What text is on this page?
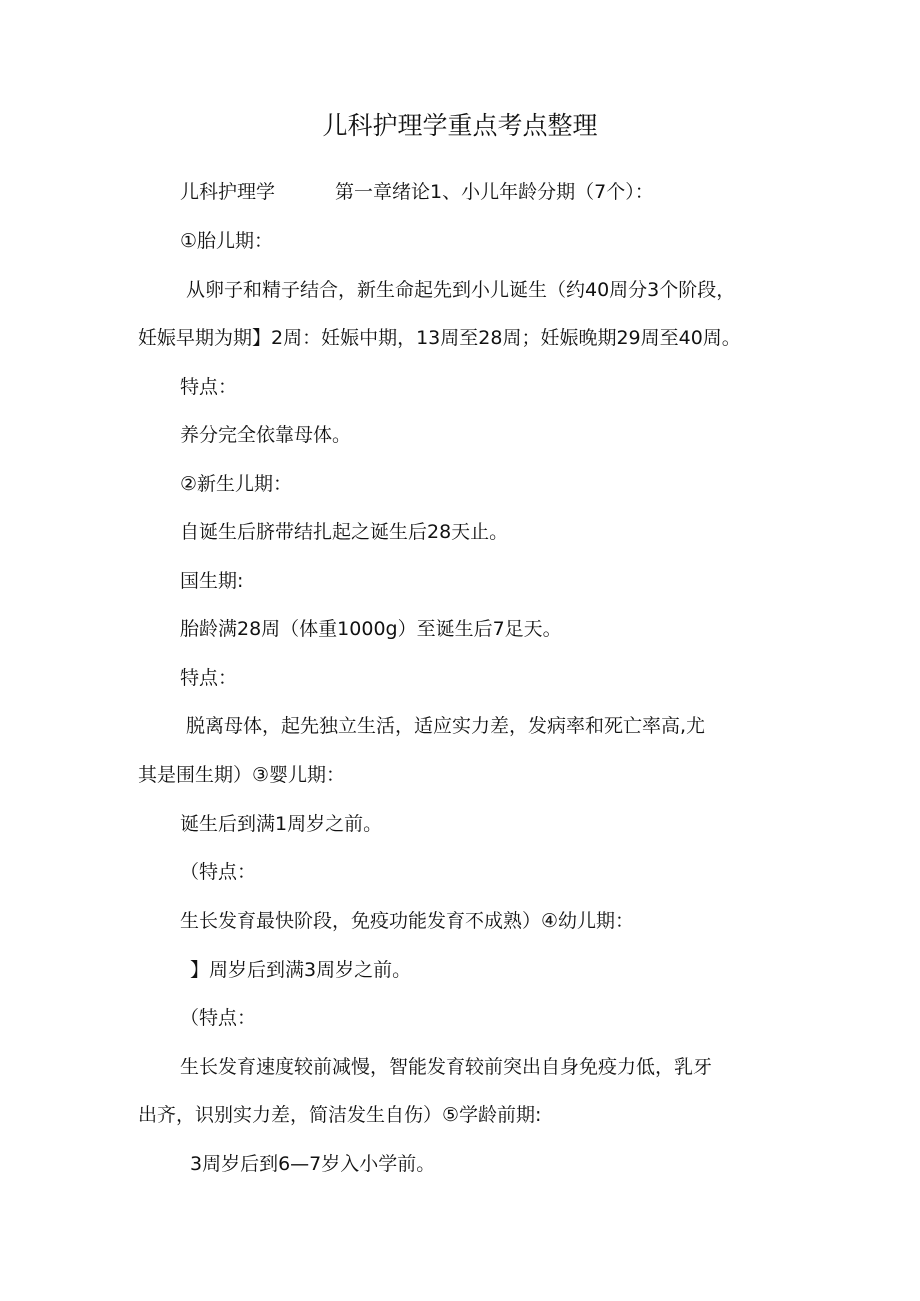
儿科护理学重点考点整理
儿科护理学	第一章绪论1、小儿年龄分期（7个）：
①胎儿期：
从卵子和精子结合，新生命起先到小儿诞生（约40周分3个阶段，
妊娠早期为期】2周：妊娠中期，13周至28周；妊娠晚期29周至40周。
特点：
养分完全依靠母体。
②新生儿期：
自诞生后脐带结扎起之诞生后28天止。
国生期:
胎龄满28周（体重1000g）至诞生后7足天。
特点：
脱离母体，起先独立生活，适应实力差，发病率和死亡率高,尤
其是围生期）③婴儿期：
诞生后到满1周岁之前。
（特点：
生长发育最快阶段，免疫功能发育不成熟）④幼儿期：
】周岁后到满3周岁之前。
（特点：
生长发育速度较前减慢，智能发育较前突出自身免疫力低，乳牙
出齐，识别实力差，简洁发生自伤）⑤学龄前期:
3周岁后到6—7岁入小学前。
